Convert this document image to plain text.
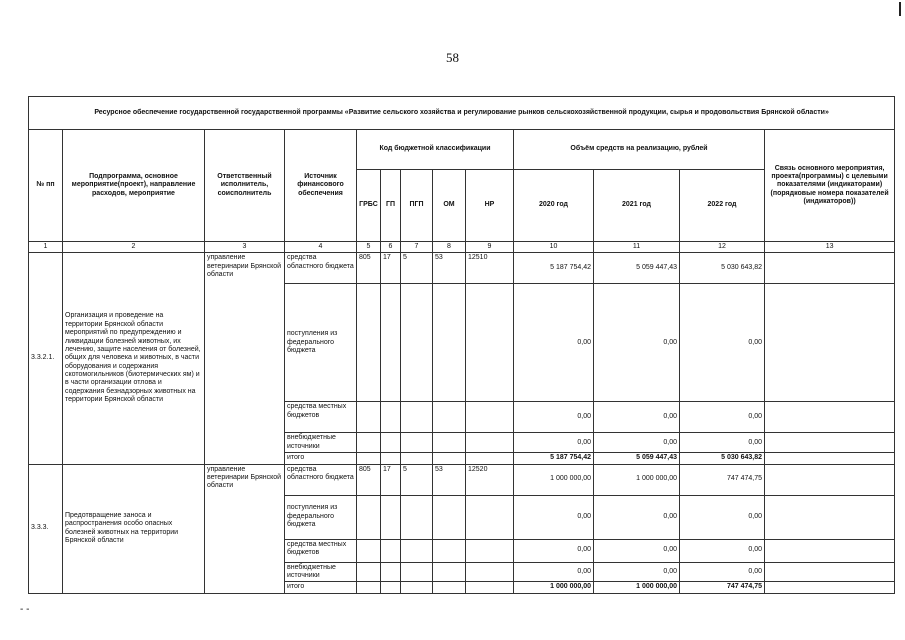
58
Ресурсное обеспечение государственной государственной программы «Развитие сельского хозяйства и регулирование рынков сельскохозяйственной продукции, сырья и продовольствия Брянской области»												
№ пп	Подпрограмма, основное мероприятие(проект), направление расходов, мероприятие	Ответственный исполнитель, соисполнитель	Источник финансового обеспечения	Код бюджетной классификации					Объём средств на реализацию, рублей			Связь основного мероприятия, проекта(программы) с целевыми показателями (индикаторами) (порядковые номера показателей (индикаторов))
				ГРБС	ГП	ПГП	ОМ	НР	2020 год	2021 год	2022 год	
1	2	3	4	5	6	7	8	9	10	11	12	13
3.3.2.1.	Организация и проведение на территории Брянской области мероприятий по предупреждению и ликвидации болезней животных, их лечению, защите населения от болезней, общих для человека и животных, в части оборудования и содержания скотомогильников (биотермических ям) и в части организации отлова и содержания безнадзорных животных на территории Брянской области	управление ветеринарии Брянской области	средства областного бюджета	805	17	5	53	12510	5 187 754,42	5 059 447,43	5 030 643,82	
			поступления из федерального бюджета						0,00	0,00	0,00	
			средства местных бюджетов						0,00	0,00	0,00	
			внебюджетные источники						0,00	0,00	0,00	
			итого						5 187 754,42	5 059 447,43	5 030 643,82	
3.3.3.	Предотвращение заноса и распространения особо опасных болезней животных на территории Брянской области	управление ветеринарии Брянской области	средства областного бюджета	805	17	5	53	12520	1 000 000,00	1 000 000,00	747 474,75	
			поступления из федерального бюджета						0,00	0,00	0,00	
			средства местных бюджетов						0,00	0,00	0,00	
			внебюджетные источники						0,00	0,00	0,00	
			итого						1 000 000,00	1 000 000,00	747 474,75	
- -
